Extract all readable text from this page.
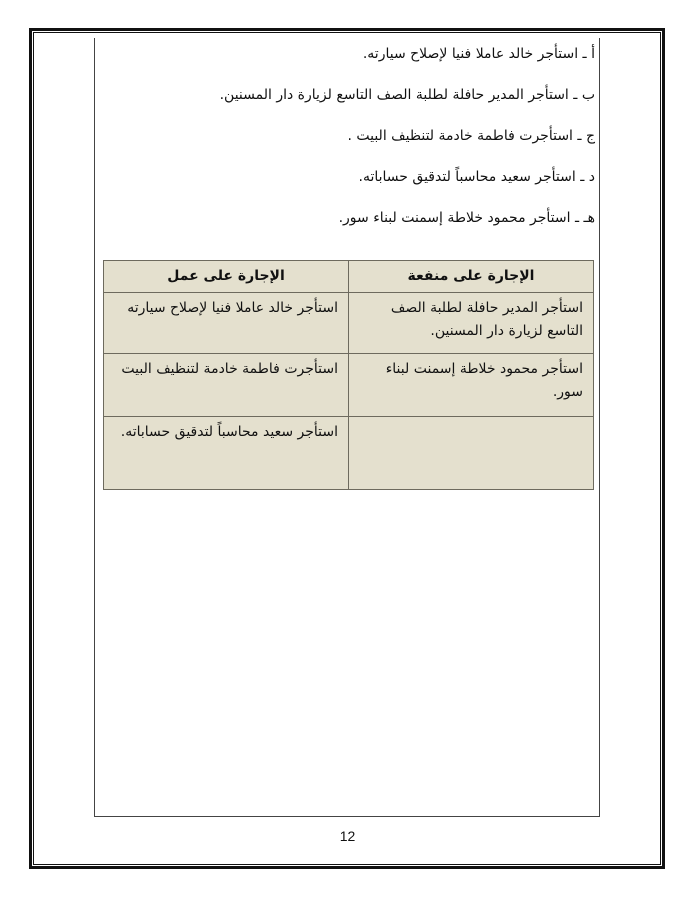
أ ـ استأجر خالد عاملا فنيا لإصلاح سيارته.
ب ـ استأجر المدير حافلة لطلبة الصف التاسع لزيارة دار المسنين.
ج ـ استأجرت فاطمة خادمة لتنظيف البيت .
د ـ استأجر سعيد محاسباً لتدقيق حساباته.
هـ ـ استأجر محمود خلاطة إسمنت لبناء سور.
الإجارة على منفعة	الإجارة على عمل
استأجر المدير حافلة لطلبة الصف التاسع لزيارة دار المسنين.	استأجر خالد عاملا فنيا لإصلاح سيارته
استأجر محمود خلاطة إسمنت لبناء سور.	استأجرت فاطمة خادمة لتنظيف البيت
	استأجر سعيد محاسباً لتدقيق حساباته.
12
